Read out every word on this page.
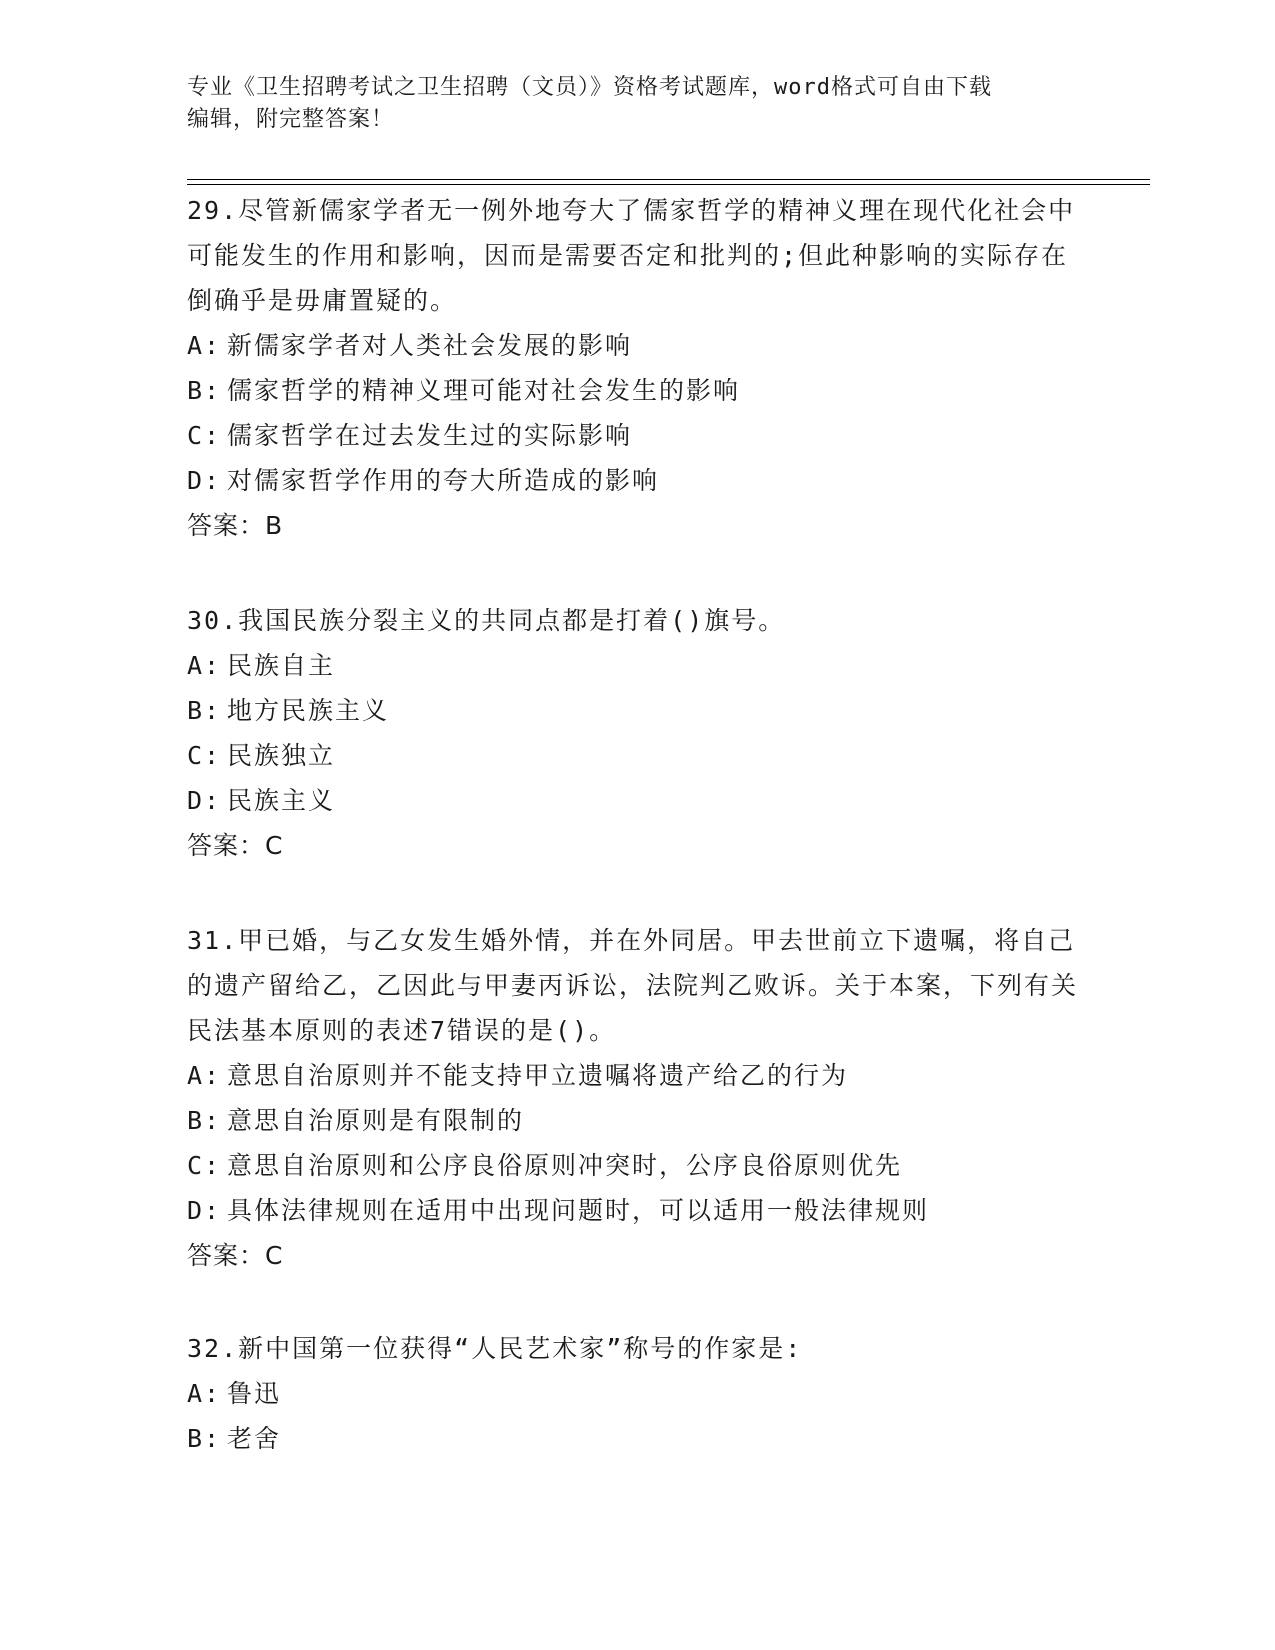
专业《卫生招聘考试之卫生招聘（文员）》资格考试题库，word格式可自由下载
编辑，附完整答案！
29.尽管新儒家学者无一例外地夸大了儒家哲学的精神义理在现代化社会中可能发生的作用和影响，因而是需要否定和批判的;但此种影响的实际存在倒确乎是毋庸置疑的。
A: 新儒家学者对人类社会发展的影响
B: 儒家哲学的精神义理可能对社会发生的影响
C: 儒家哲学在过去发生过的实际影响
D: 对儒家哲学作用的夸大所造成的影响
答案：B
30.我国民族分裂主义的共同点都是打着()旗号。
A: 民族自主
B: 地方民族主义
C: 民族独立
D: 民族主义
答案：C
31.甲已婚，与乙女发生婚外情，并在外同居。甲去世前立下遗嘱，将自己的遗产留给乙，乙因此与甲妻丙诉讼，法院判乙败诉。关于本案，下列有关民法基本原则的表述7错误的是()。
A: 意思自治原则并不能支持甲立遗嘱将遗产给乙的行为
B: 意思自治原则是有限制的
C: 意思自治原则和公序良俗原则冲突时，公序良俗原则优先
D: 具体法律规则在适用中出现问题时，可以适用一般法律规则
答案：C
32.新中国第一位获得“人民艺术家”称号的作家是:
A: 鲁迅
B: 老舍
